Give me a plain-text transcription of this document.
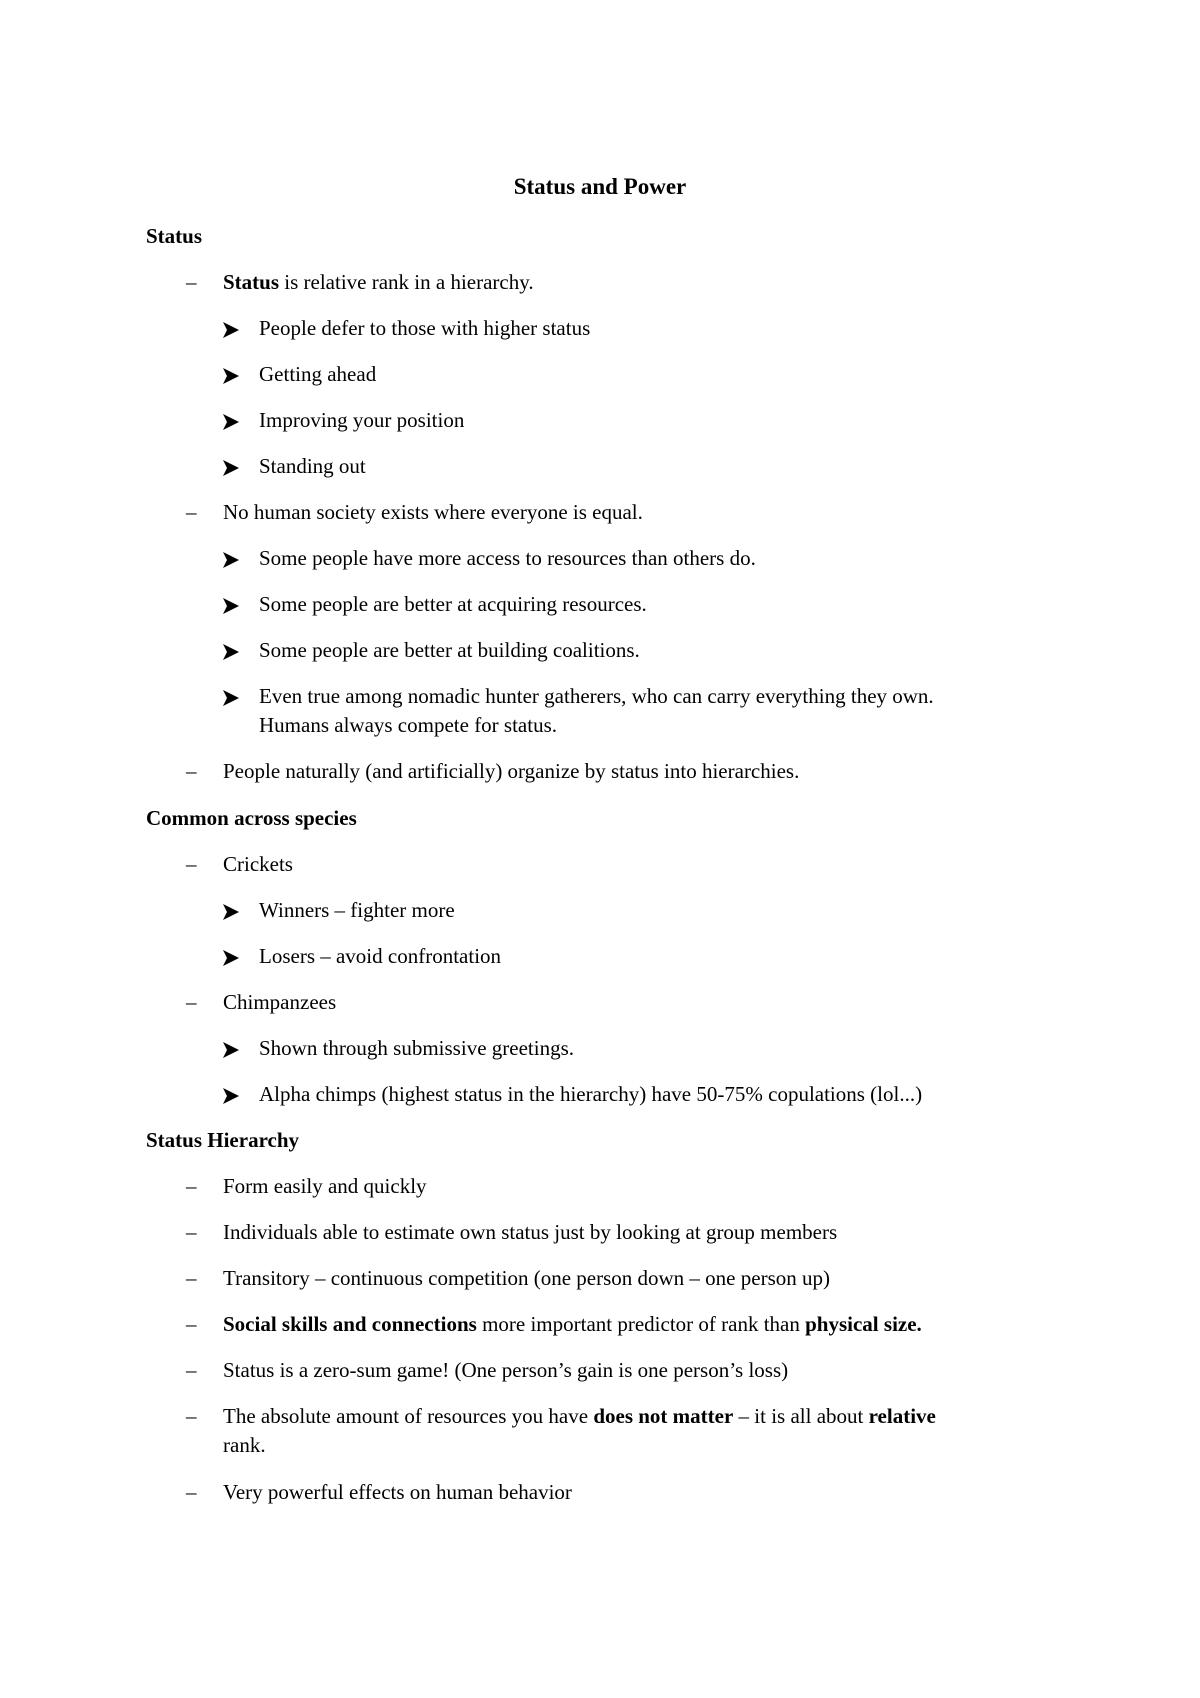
Status and Power
Status
– Status is relative rank in a hierarchy.
People defer to those with higher status
Getting ahead
Improving your position
Standing out
– No human society exists where everyone is equal.
Some people have more access to resources than others do.
Some people are better at acquiring resources.
Some people are better at building coalitions.
Even true among nomadic hunter gatherers, who can carry everything they own.
Humans always compete for status.
– People naturally (and artificially) organize by status into hierarchies.
Common across species
– Crickets
Winners – fighter more
Losers – avoid confrontation
– Chimpanzees
Shown through submissive greetings.
Alpha chimps (highest status in the hierarchy) have 50-75% copulations (lol...)
Status Hierarchy
– Form easily and quickly
– Individuals able to estimate own status just by looking at group members
– Transitory – continuous competition (one person down – one person up)
– Social skills and connections more important predictor of rank than physical size.
– Status is a zero-sum game! (One person’s gain is one person’s loss)
– The absolute amount of resources you have does not matter – it is all about relative
rank.
– Very powerful effects on human behavior
